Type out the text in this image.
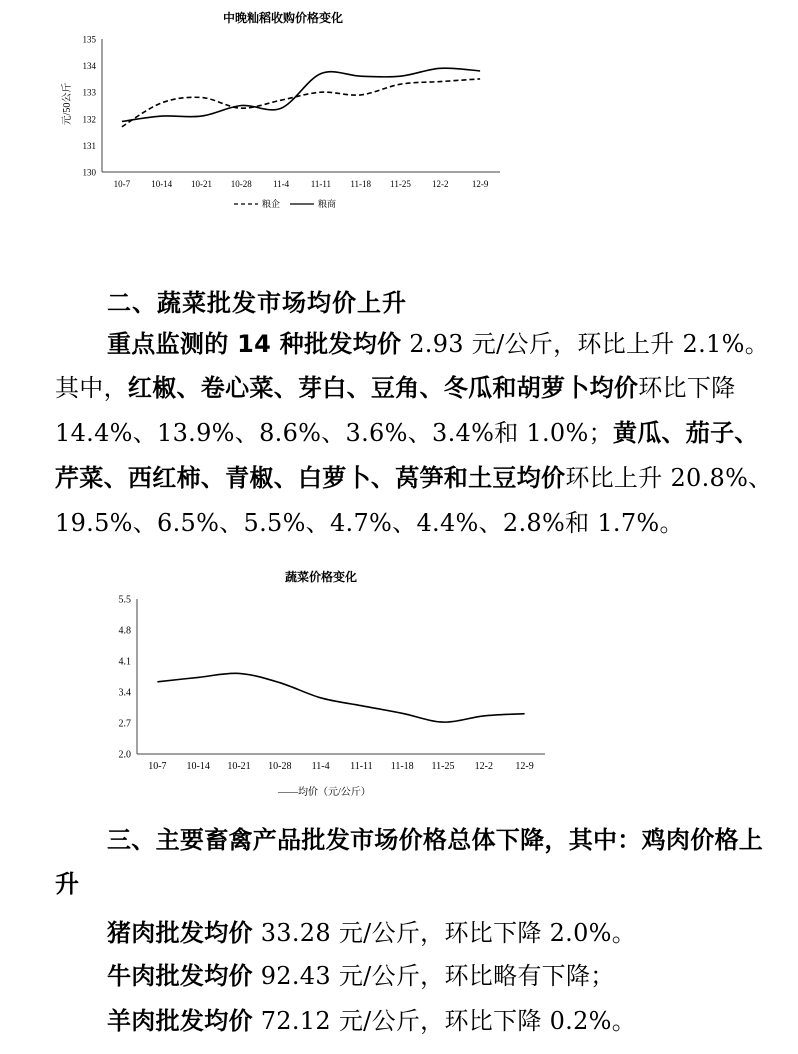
中晚籼稻收购价格变化
元/50公斤
130
131
132
133
134
135
10-7 10-14 10-21 10-28 11-4 11-11 11-18 11-25 12-2	12-9
粮企	粮商
二、蔬菜批发市场均价上升
重点监测的 14 种批发均价 2.93 元/公斤，环比上升 2.1%。
其中，红椒、卷心菜、芽白、豆角、冬瓜和胡萝卜均价环比下降 14.4%、13.9%、8.6%、3.6%、3.4%和 1.0%；黄瓜、茄子、芹菜、西红柿、青椒、白萝卜、莴笋和土豆均价环比上升 20.8%、19.5%、6.5%、5.5%、4.7%、4.4%、2.8%和 1.7%。
蔬菜价格变化
2.0
2.7
3.4
4.1
4.8
5.5
10-7 10-14 10-21 10-28 11-4 11-11 11-18 11-25 12-2 12-9
——均价（元/公斤）
三、主要畜禽产品批发市场价格总体下降，其中：鸡肉价格上升
猪肉批发均价 33.28 元/公斤，环比下降 2.0%。
牛肉批发均价 92.43 元/公斤，环比略有下降；
羊肉批发均价 72.12 元/公斤，环比下降 0.2%。
